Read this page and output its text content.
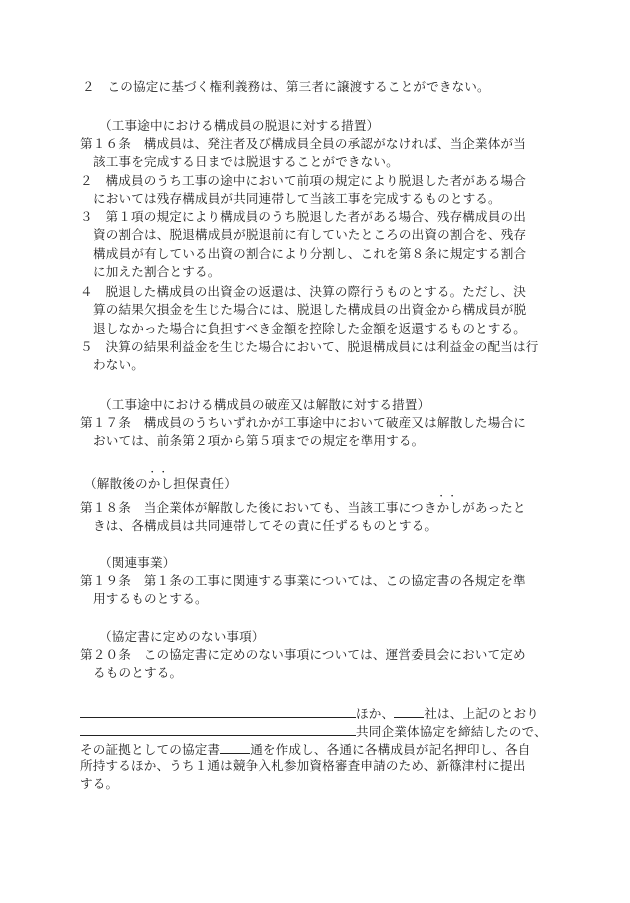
２　この協定に基づく権利義務は、第三者に譲渡することができない。
（工事途中における構成員の脱退に対する措置）
第１６条　構成員は、発注者及び構成員全員の承認がなければ、当企業体が当
該工事を完成する日までは脱退することができない。
２　構成員のうち工事の途中において前項の規定により脱退した者がある場合
においては残存構成員が共同連帯して当該工事を完成するものとする。
３　第１項の規定により構成員のうち脱退した者がある場合、残存構成員の出
資の割合は、脱退構成員が脱退前に有していたところの出資の割合を、残存
構成員が有している出資の割合により分割し、これを第８条に規定する割合
に加えた割合とする。
４　脱退した構成員の出資金の返還は、決算の際行うものとする。ただし、決
算の結果欠損金を生じた場合には、脱退した構成員の出資金から構成員が脱
退しなかった場合に負担すべき金額を控除した金額を返還するものとする。
５　決算の結果利益金を生じた場合において、脱退構成員には利益金の配当は行
わない。
（工事途中における構成員の破産又は解散に対する措置）
第１７条　構成員のうちいずれかが工事途中において破産又は解散した場合に
おいては、前条第２項から第５項までの規定を準用する。
（解散後の・・ かし担保責任）
第１８条　当企業体が解散した後においても、当該工事につき・・ かしがあったと
きは、各構成員は共同連帯してその責に任ずるものとする。
（関連事業）
第１９条　第１条の工事に関連する事業については、この協定書の各規定を準
用するものとする。
（協定書に定めのない事項）
第２０条　この協定書に定めのない事項については、運営委員会において定め
るものとする。
ほか、 社は、上記のとおり
共同企業体協定を締結したので、
その証拠としての協定書 通を作成し、各通に各構成員が記名押印し、各自
所持するほか、うち１通は競争入札参加資格審査申請のため、新篠津村に提出
する。
